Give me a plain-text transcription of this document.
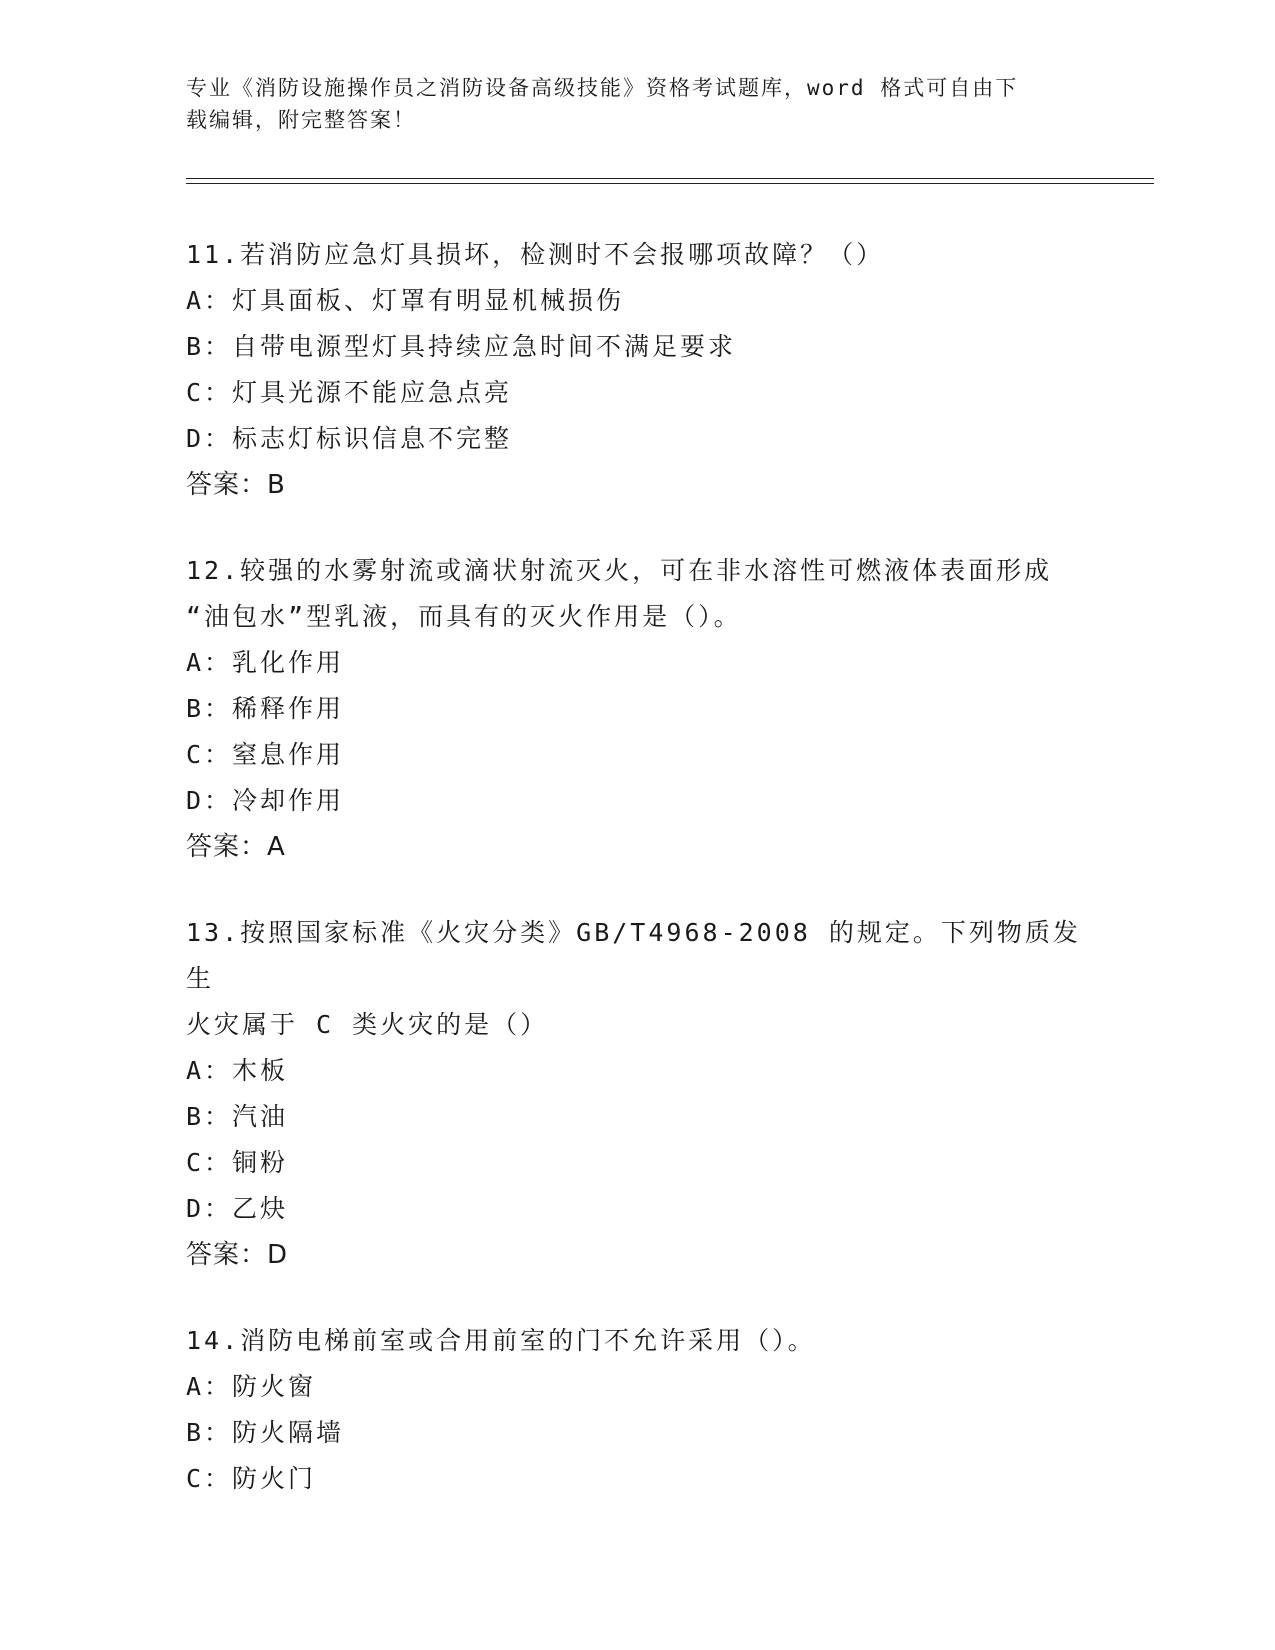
专业《消防设施操作员之消防设备高级技能》资格考试题库，word 格式可自由下
载编辑，附完整答案！
11.若消防应急灯具损坏，检测时不会报哪项故障？（）
A：灯具面板、灯罩有明显机械损伤
B：自带电源型灯具持续应急时间不满足要求
C：灯具光源不能应急点亮
D：标志灯标识信息不完整
答案：B
12.较强的水雾射流或滴状射流灭火，可在非水溶性可燃液体表面形成
“油包水”型乳液，而具有的灭火作用是（）。
A：乳化作用
B：稀释作用
C：窒息作用
D：冷却作用
答案：A
13.按照国家标准《火灾分类》GB/T4968-2008 的规定。下列物质发生
火灾属于 C 类火灾的是（）
A：木板
B：汽油
C：铜粉
D：乙炔
答案：D
14.消防电梯前室或合用前室的门不允许采用（）。
A：防火窗
B：防火隔墙
C：防火门
